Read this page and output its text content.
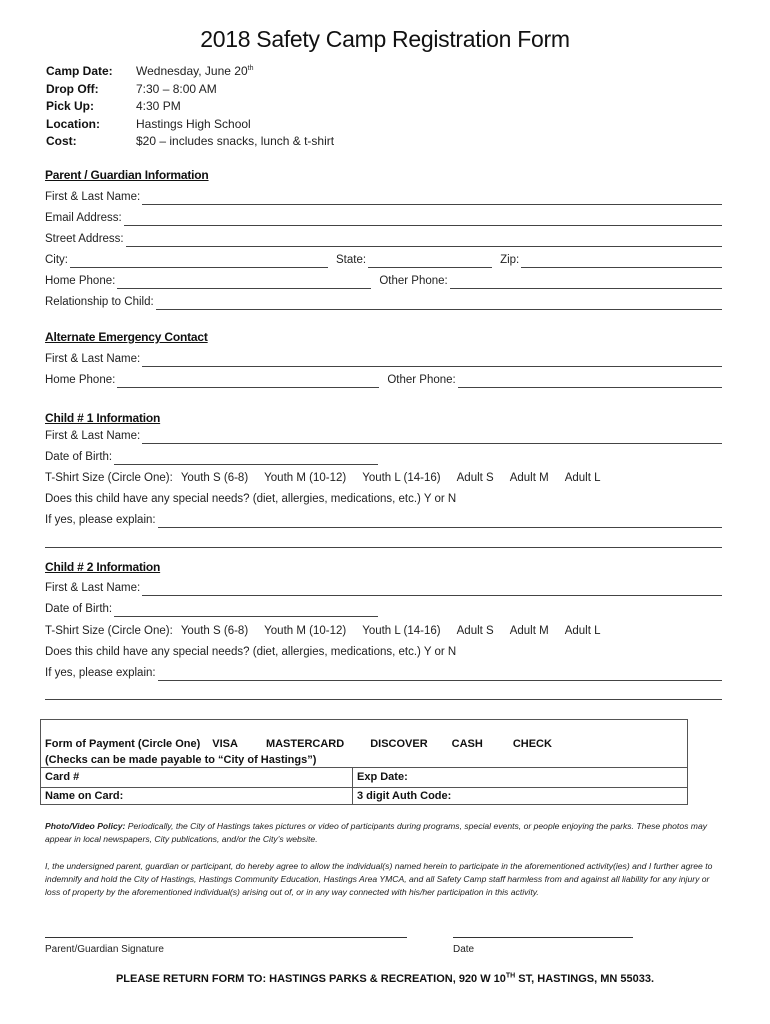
2018 Safety Camp Registration Form
Camp Date:	Wednesday, June 20th
Drop Off:	7:30 – 8:00 AM
Pick Up:	4:30 PM
Location:	Hastings High School
Cost:	$20 – includes snacks, lunch & t-shirt
Parent / Guardian Information
First & Last Name:
Email Address:
Street Address:
City:	State:	Zip:
Home Phone:	Other Phone:
Relationship to Child:
Alternate Emergency Contact
First & Last Name:
Home Phone:	Other Phone:
Child # 1 Information
First & Last Name:
Date of Birth:
T-Shirt Size (Circle One): Youth S (6-8) Youth M (10-12) Youth L (14-16) Adult S Adult M Adult L
Does this child have any special needs? (diet, allergies, medications, etc.) Y or N
If yes, please explain:
Child # 2 Information
First & Last Name:
Date of Birth:
T-Shirt Size (Circle One): Youth S (6-8) Youth M (10-12) Youth L (14-16) Adult S Adult M Adult L
Does this child have any special needs? (diet, allergies, medications, etc.) Y or N
If yes, please explain:
Form of Payment (Circle One) VISA	MASTERCARD DISCOVER CASH	CHECK
(Checks can be made payable to “City of Hastings”)
Card #	Exp Date:
Name on Card:	3 digit Auth Code:
Photo/Video Policy: Periodically, the City of Hastings takes pictures or video of participants during programs, special events, or people enjoying the parks. These photos may appear in local newspapers, City publications, and/or the City’s website.
I, the undersigned parent, guardian or participant, do hereby agree to allow the individual(s) named herein to participate in the aforementioned activity(ies) and I further agree to indemnify and hold the City of Hastings, Hastings Community Education, Hastings Area YMCA, and all Safety Camp staff harmless from and against all liability for any injury or loss of property by the aforementioned individual(s) arising out of, or in any way connected with his/her participation in this activity.
Parent/Guardian Signature	Date
PLEASE RETURN FORM TO: HASTINGS PARKS & RECREATION, 920 W 10TH ST, HASTINGS, MN 55033.
